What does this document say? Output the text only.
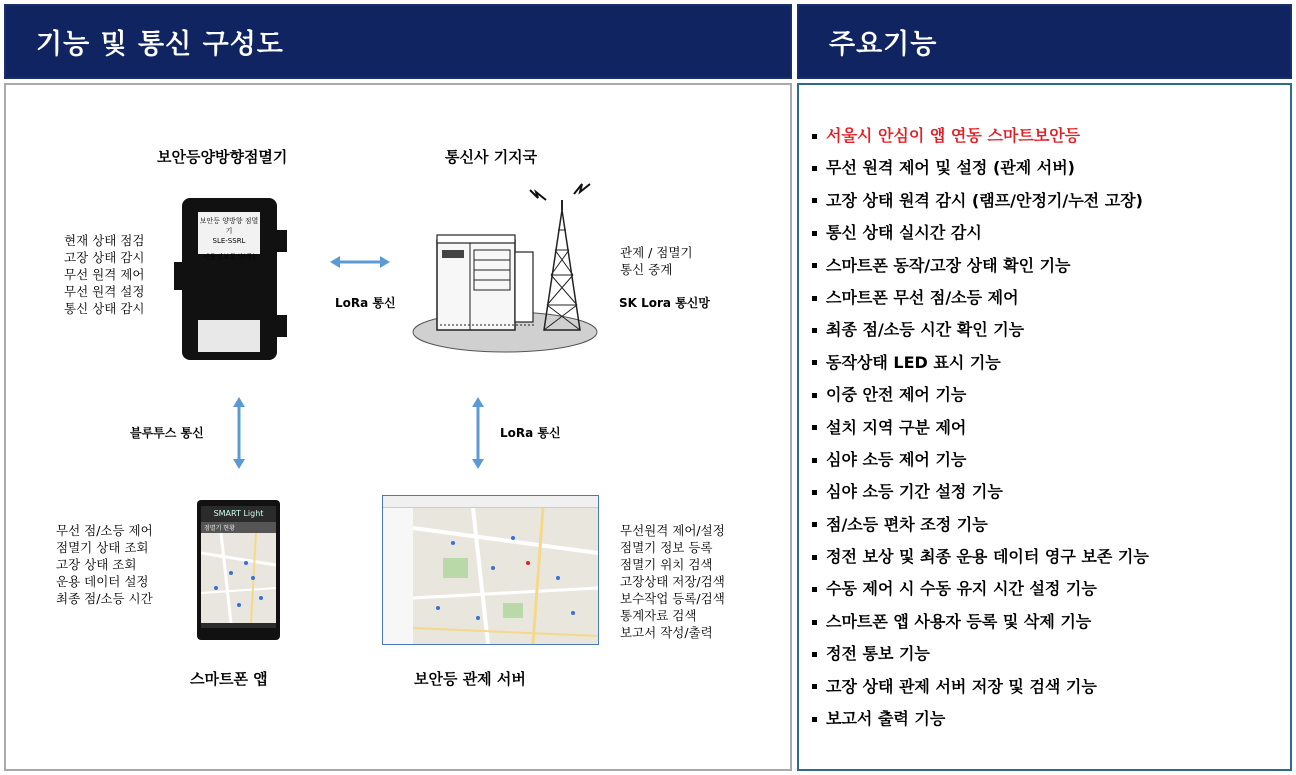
기능 및 통신 구성도	주요기능
보안등양방향점멸기
보안등 양방향 점멸기
SLE-SSRL
서울정보통신(주)
현재 상태 점검
고장 상태 감시
무선 원격 제어
무선 원격 설정
통신 상태 감시	LoRa 통신
통신사 기지국
관제 / 점멸기
통신 중계
SK Lora 통신망
블루투스 통신	LoRa 통신
SMART Light
점멸기 현황
무선 점/소등 제어
점멸기 상태 조회
고장 상태 조회
운용 데이터 설정
최종 점/소등 시간
스마트폰 앱
무선원격 제어/설정
점멸기 정보 등록
점멸기 위치 검색
고장상태 저장/검색
보수작업 등록/검색
통계자료 검색
보고서 작성/출력
보안등 관제 서버
서울시 안심이 앱 연동 스마트보안등
무선 원격 제어 및 설정 (관제 서버)
고장 상태 원격 감시 (램프/안정기/누전 고장)
통신 상태 실시간 감시
스마트폰 동작/고장 상태 확인 기능
스마트폰 무선 점/소등 제어
최종 점/소등 시간 확인 기능
동작상태 LED 표시 기능
이중 안전 제어 기능
설치 지역 구분 제어
심야 소등 제어 기능
심야 소등 기간 설정 기능
점/소등 편차 조정 기능
정전 보상 및 최종 운용 데이터 영구 보존 기능
수동 제어 시 수동 유지 시간 설정 기능
스마트폰 앱 사용자 등록 및 삭제 기능
정전 통보 기능
고장 상태 관제 서버 저장 및 검색 기능
보고서 출력 기능
